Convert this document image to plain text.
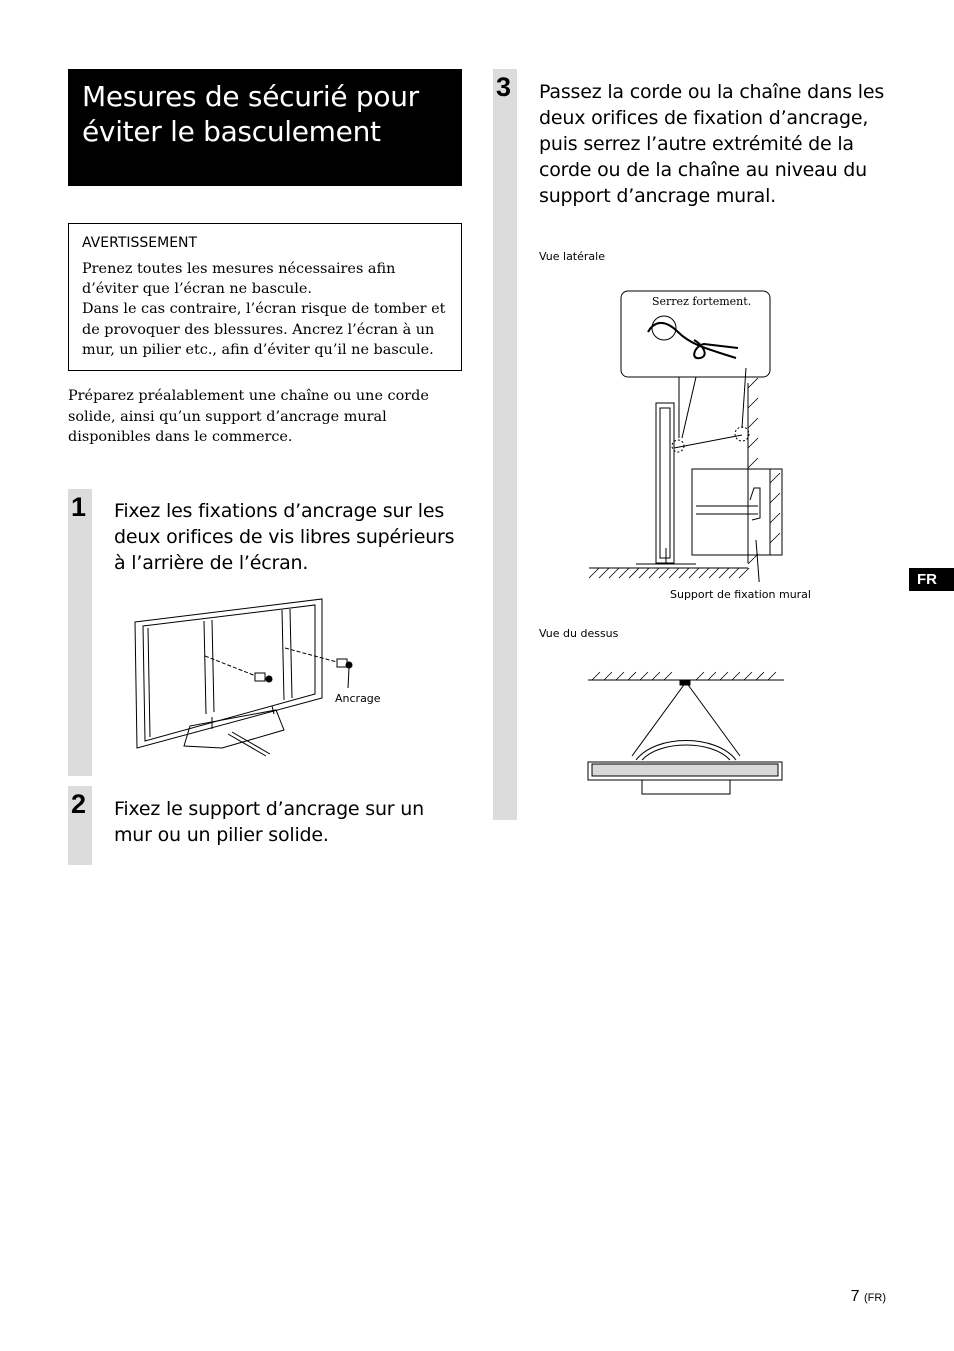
Mesures de sécurié pour éviter le basculement
AVERTISSEMENT
Prenez toutes les mesures nécessaires afin d’éviter que l’écran ne bascule.
Dans le cas contraire, l’écran risque de tomber et de provoquer des blessures. Ancrez l’écran à un mur, un pilier etc., afin d’éviter qu’il ne bascule.
Préparez préalablement une chaîne ou une corde solide, ainsi qu’un support d’ancrage mural disponibles dans le commerce.
1 Fixez les fixations d’ancrage sur les deux orifices de vis libres supérieurs à l’arrière de l’écran.
Ancrage
2 Fixez le support d’ancrage sur un mur ou un pilier solide.
3 Passez la corde ou la chaîne dans les deux orifices de fixation d’ancrage, puis serrez l’autre extrémité de la corde ou de la chaîne au niveau du support d’ancrage mural.
Vue latérale
Serrez fortement.
Support de fixation mural
Vue du dessus
FR
7 (FR)
